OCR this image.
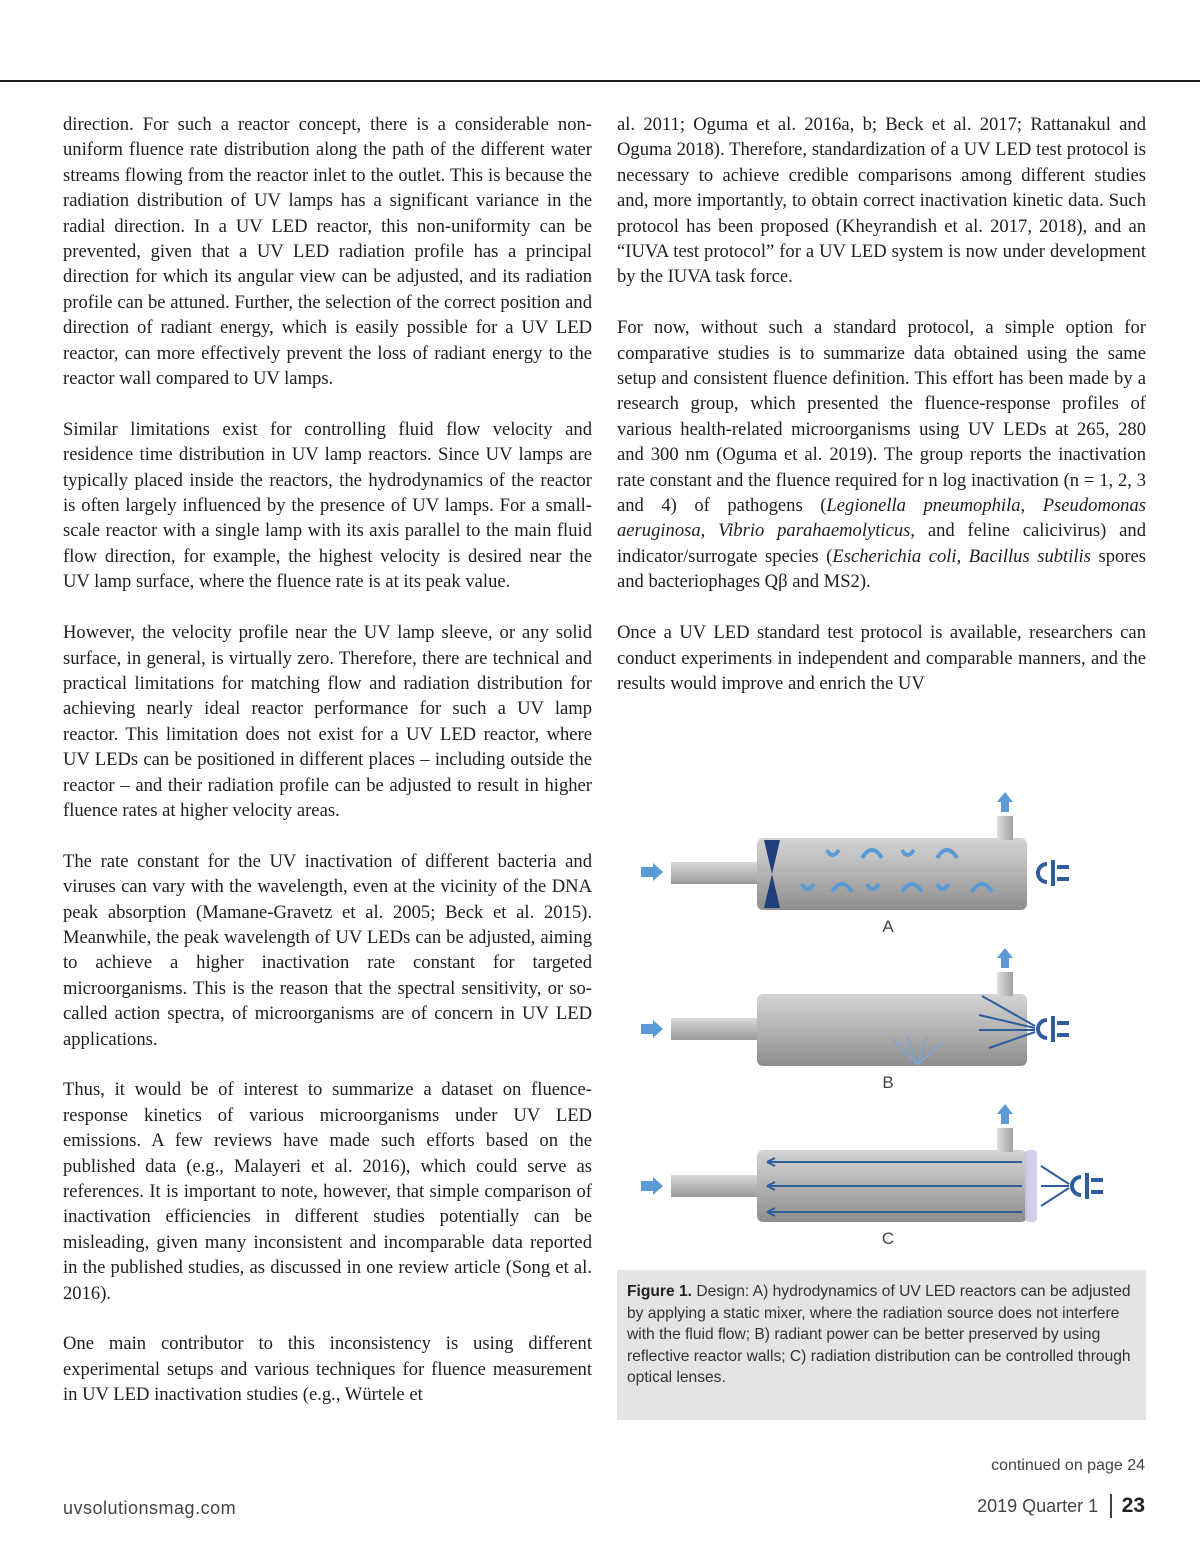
direction. For such a reactor concept, there is a considerable non-uniform fluence rate distribution along the path of the different water streams flowing from the reactor inlet to the outlet. This is because the radiation distribution of UV lamps has a significant variance in the radial direction. In a UV LED reactor, this non-uniformity can be prevented, given that a UV LED radiation profile has a principal direction for which its angular view can be adjusted, and its radiation profile can be attuned. Further, the selection of the correct position and direction of radiant energy, which is easily possible for a UV LED reactor, can more effectively prevent the loss of radiant energy to the reactor wall compared to UV lamps.

Similar limitations exist for controlling fluid flow velocity and residence time distribution in UV lamp reactors. Since UV lamps are typically placed inside the reactors, the hydrodynamics of the reactor is often largely influenced by the presence of UV lamps. For a small-scale reactor with a single lamp with its axis parallel to the main fluid flow direction, for example, the highest velocity is desired near the UV lamp surface, where the fluence rate is at its peak value.

However, the velocity profile near the UV lamp sleeve, or any solid surface, in general, is virtually zero. Therefore, there are technical and practical limitations for matching flow and radiation distribution for achieving nearly ideal reactor performance for such a UV lamp reactor. This limitation does not exist for a UV LED reactor, where UV LEDs can be positioned in different places – including outside the reactor – and their radiation profile can be adjusted to result in higher fluence rates at higher velocity areas.

The rate constant for the UV inactivation of different bacteria and viruses can vary with the wavelength, even at the vicinity of the DNA peak absorption (Mamane-Gravetz et al. 2005; Beck et al. 2015). Meanwhile, the peak wavelength of UV LEDs can be adjusted, aiming to achieve a higher inactivation rate constant for targeted microorganisms. This is the reason that the spectral sensitivity, or so-called action spectra, of microorganisms are of concern in UV LED applications.

Thus, it would be of interest to summarize a dataset on fluence-response kinetics of various microorganisms under UV LED emissions. A few reviews have made such efforts based on the published data (e.g., Malayeri et al. 2016), which could serve as references. It is important to note, however, that simple comparison of inactivation efficiencies in different studies potentially can be misleading, given many inconsistent and incomparable data reported in the published studies, as discussed in one review article (Song et al. 2016).

One main contributor to this inconsistency is using different experimental setups and various techniques for fluence measurement in UV LED inactivation studies (e.g., Würtele et

al. 2011; Oguma et al. 2016a, b; Beck et al. 2017; Rattanakul and Oguma 2018). Therefore, standardization of a UV LED test protocol is necessary to achieve credible comparisons among different studies and, more importantly, to obtain correct inactivation kinetic data. Such protocol has been proposed (Kheyrandish et al. 2017, 2018), and an “IUVA test protocol” for a UV LED system is now under development by the IUVA task force.

For now, without such a standard protocol, a simple option for comparative studies is to summarize data obtained using the same setup and consistent fluence definition. This effort has been made by a research group, which presented the fluence-response profiles of various health-related microorganisms using UV LEDs at 265, 280 and 300 nm (Oguma et al. 2019). The group reports the inactivation rate constant and the fluence required for n log inactivation (n = 1, 2, 3 and 4) of pathogens (Legionella pneumophila, Pseudomonas aeruginosa, Vibrio parahaemolyticus, and feline calicivirus) and indicator/surrogate species (Escherichia coli, Bacillus subtilis spores and bacteriophages Qβ and MS2).

Once a UV LED standard test protocol is available, researchers can conduct experiments in independent and comparable manners, and the results would improve and enrich the UV

A
B
C
Figure 1. Design: A) hydrodynamics of UV LED reactors can be adjusted by applying a static mixer, where the radiation source does not interfere with the fluid flow; B) radiant power can be better preserved by using reflective reactor walls; C) radiation distribution can be controlled through optical lenses.
continued on page 24
uvsolutionsmag.com	2019 Quarter 1 23
